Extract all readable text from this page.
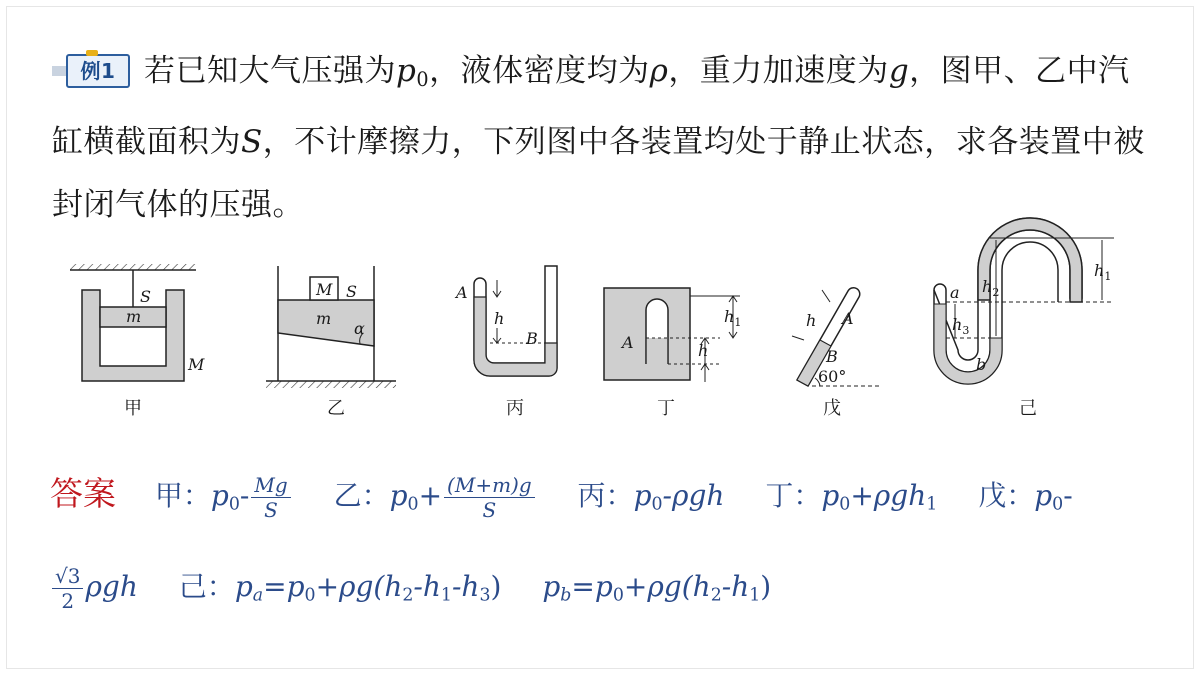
例1 若已知大气压强为$p_0$，液体密度均为ρ，重力加速度为g，图甲、乙中汽缸横截面积为S，不计摩擦力，下列图中各装置均处于静止状态，求各装置中被封闭气体的压强。
S
m
M
M S
m
α
A
h
B	A
$h_1$
h
h A
B
60°
a $h_2$
$h_3$
b
$h_1$
甲	乙	丙	丁	戊	己
答案 甲：$p_0- \frac{Mg}{S}$ 乙：$p_0+ \frac{(M+m)g}{S}$ 丙：$p_0$-ρgh 丁：$p_0+\rho gh_1$ 戊：$p_0-$
$\frac{√3}{2}$ ρgh 己：$p_a=p_0+\rho g(h_2-h_1-h_3)$ $p_b=p_0+\rho g(h_2-h_1)$
